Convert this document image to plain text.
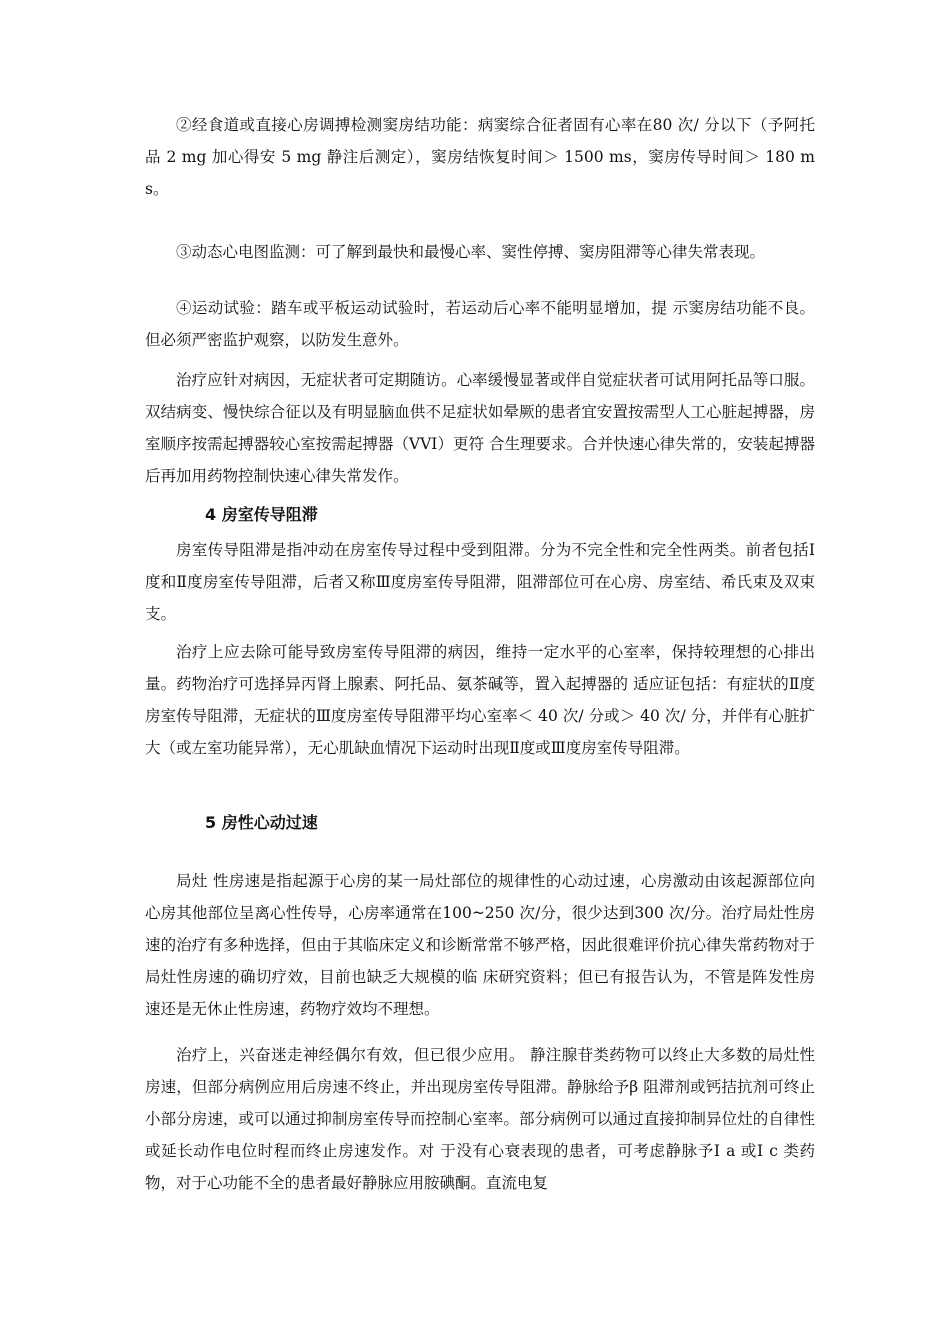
②经食道或直接心房调搏检测窦房结功能：病窦综合征者固有心率在80 次/ 分以下（予阿托品 2 mg 加心得安 5 mg 静注后测定），窦房结恢复时间＞ 1500 ms，窦房传导时间＞ 180 ms。

③动态心电图监测：可了解到最快和最慢心率、窦性停搏、窦房阻滞等心律失常表现。

④运动试验：踏车或平板运动试验时，若运动后心率不能明显增加，提 示窦房结功能不良。但必须严密监护观察，以防发生意外。

治疗应针对病因，无症状者可定期随访。心率缓慢显著或伴自觉症状者可试用阿托品等口服。双结病变、慢快综合征以及有明显脑血供不足症状如晕厥的患者宜安置按需型人工心脏起搏器，房室顺序按需起搏器较心室按需起搏器（VVI）更符 合生理要求。合并快速心律失常的，安装起搏器后再加用药物控制快速心律失常发作。

4 房室传导阻滞

房室传导阻滞是指冲动在房室传导过程中受到阻滞。分为不完全性和完全性两类。前者包括Ⅰ度和Ⅱ度房室传导阻滞，后者又称Ⅲ度房室传导阻滞，阻滞部位可在心房、房室结、希氏束及双束支。

治疗上应去除可能导致房室传导阻滞的病因，维持一定水平的心室率，保持较理想的心排出量。药物治疗可选择异丙肾上腺素、阿托品、氨茶碱等，置入起搏器的 适应证包括：有症状的Ⅱ度房室传导阻滞，无症状的Ⅲ度房室传导阻滞平均心室率＜ 40 次/ 分或＞ 40 次/ 分，并伴有心脏扩大（或左室功能异常），无心肌缺血情况下运动时出现Ⅱ度或Ⅲ度房室传导阻滞。

5 房性心动过速

局灶 性房速是指起源于心房的某一局灶部位的规律性的心动过速，心房激动由该起源部位向心房其他部位呈离心性传导，心房率通常在100~250 次/分，很少达到300 次/分。治疗局灶性房速的治疗有多种选择，但由于其临床定义和诊断常常不够严格，因此很难评价抗心律失常药物对于局灶性房速的确切疗效，目前也缺乏大规模的临 床研究资料；但已有报告认为，不管是阵发性房速还是无休止性房速，药物疗效均不理想。

治疗上，兴奋迷走神经偶尔有效，但已很少应用。 静注腺苷类药物可以终止大多数的局灶性房速，但部分病例应用后房速不终止，并出现房室传导阻滞。静脉给予β 阻滞剂或钙拮抗剂可终止小部分房速，或可以通过抑制房室传导而控制心室率。部分病例可以通过直接抑制异位灶的自律性或延长动作电位时程而终止房速发作。对 于没有心衰表现的患者，可考虑静脉予Ⅰ a 或Ⅰ c 类药物，对于心功能不全的患者最好静脉应用胺碘酮。直流电复
